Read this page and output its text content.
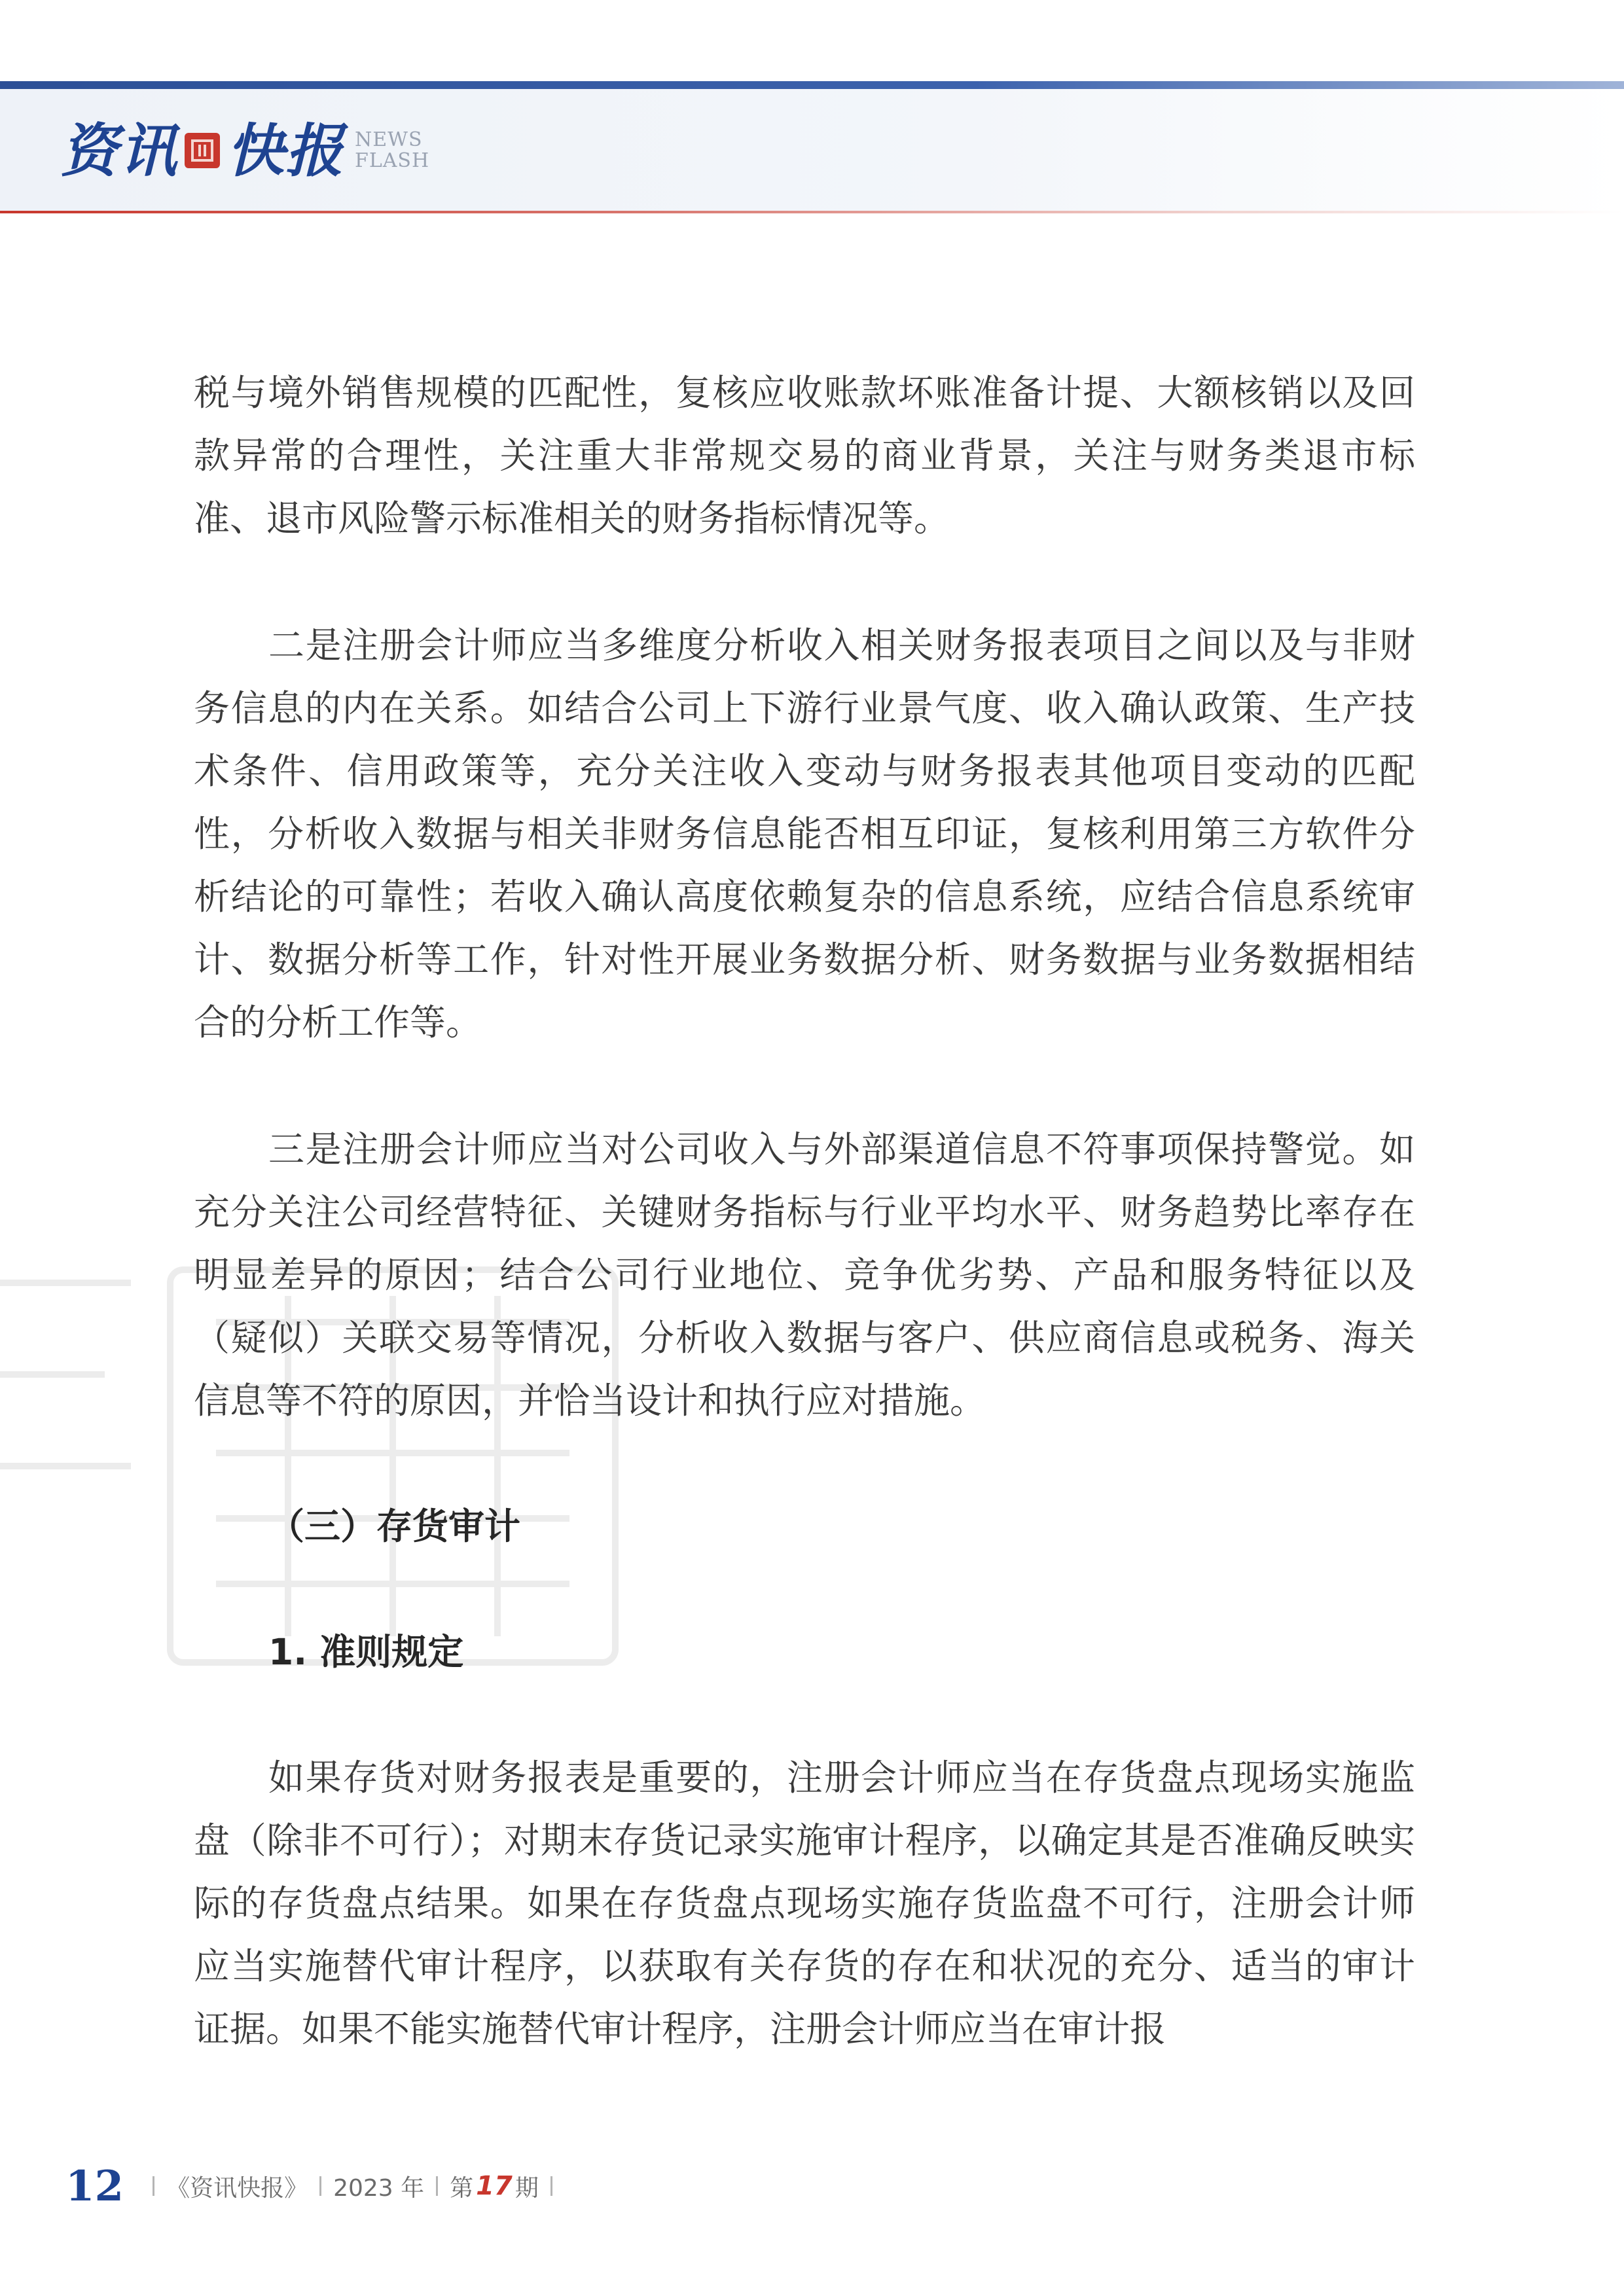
资讯 快报 NEWS
FLASH

税与境外销售规模的匹配性，复核应收账款坏账准备计提、大额核销以及回款异常的合理性，关注重大非常规交易的商业背景，关注与财务类退市标准、退市风险警示标准相关的财务指标情况等。

二是注册会计师应当多维度分析收入相关财务报表项目之间以及与非财务信息的内在关系。如结合公司上下游行业景气度、收入确认政策、生产技术条件、信用政策等，充分关注收入变动与财务报表其他项目变动的匹配性，分析收入数据与相关非财务信息能否相互印证，复核利用第三方软件分析结论的可靠性；若收入确认高度依赖复杂的信息系统，应结合信息系统审计、数据分析等工作，针对性开展业务数据分析、财务数据与业务数据相结合的分析工作等。

三是注册会计师应当对公司收入与外部渠道信息不符事项保持警觉。如充分关注公司经营特征、关键财务指标与行业平均水平、财务趋势比率存在明显差异的原因；结合公司行业地位、竞争优劣势、产品和服务特征以及（疑似）关联交易等情况，分析收入数据与客户、供应商信息或税务、海关信息等不符的原因，并恰当设计和执行应对措施。

（三）存货审计

1. 准则规定

如果存货对财务报表是重要的，注册会计师应当在存货盘点现场实施监盘（除非不可行）；对期末存货记录实施审计程序，以确定其是否准确反映实际的存货盘点结果。如果在存货盘点现场实施存货监盘不可行，注册会计师应当实施替代审计程序，以获取有关存货的存在和状况的充分、适当的审计证据。如果不能实施替代审计程序，注册会计师应当在审计报

12 《资讯快报》 2023 年 第 17 期
